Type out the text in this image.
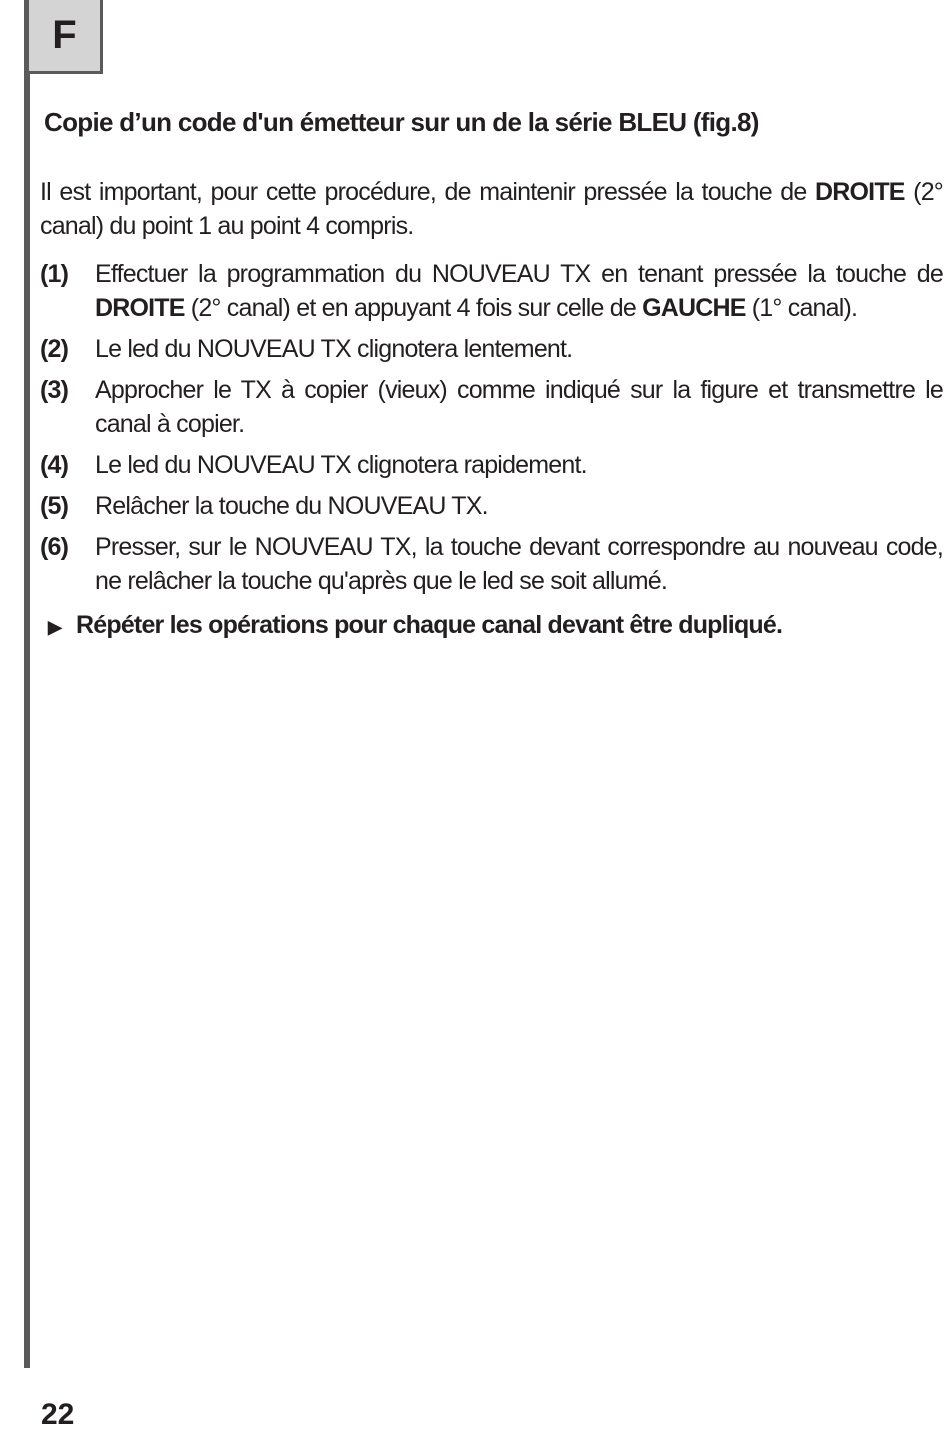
F
Copie d’un code d'un émetteur sur un de la série BLEU (fig.8)

Il est important, pour cette procédure, de maintenir pressée la touche de DROITE (2° canal) du point 1 au point 4 compris.

(1)	Effectuer la programmation du NOUVEAU TX en tenant pressée la touche de DROITE (2° canal) et en appuyant 4 fois sur celle de GAUCHE (1° canal).
(2)	Le led du NOUVEAU TX clignotera lentement.
(3)	Approcher le TX à copier (vieux) comme indiqué sur la figure et transmettre le canal à copier.
(4)	Le led du NOUVEAU TX clignotera rapidement.
(5)	Relâcher la touche du NOUVEAU TX.
(6)	Presser, sur le NOUVEAU TX, la touche devant correspondre au nouveau code, ne relâcher la touche qu'après que le led se soit allumé.
▶ Répéter les opérations pour chaque canal devant être dupliqué.
22
